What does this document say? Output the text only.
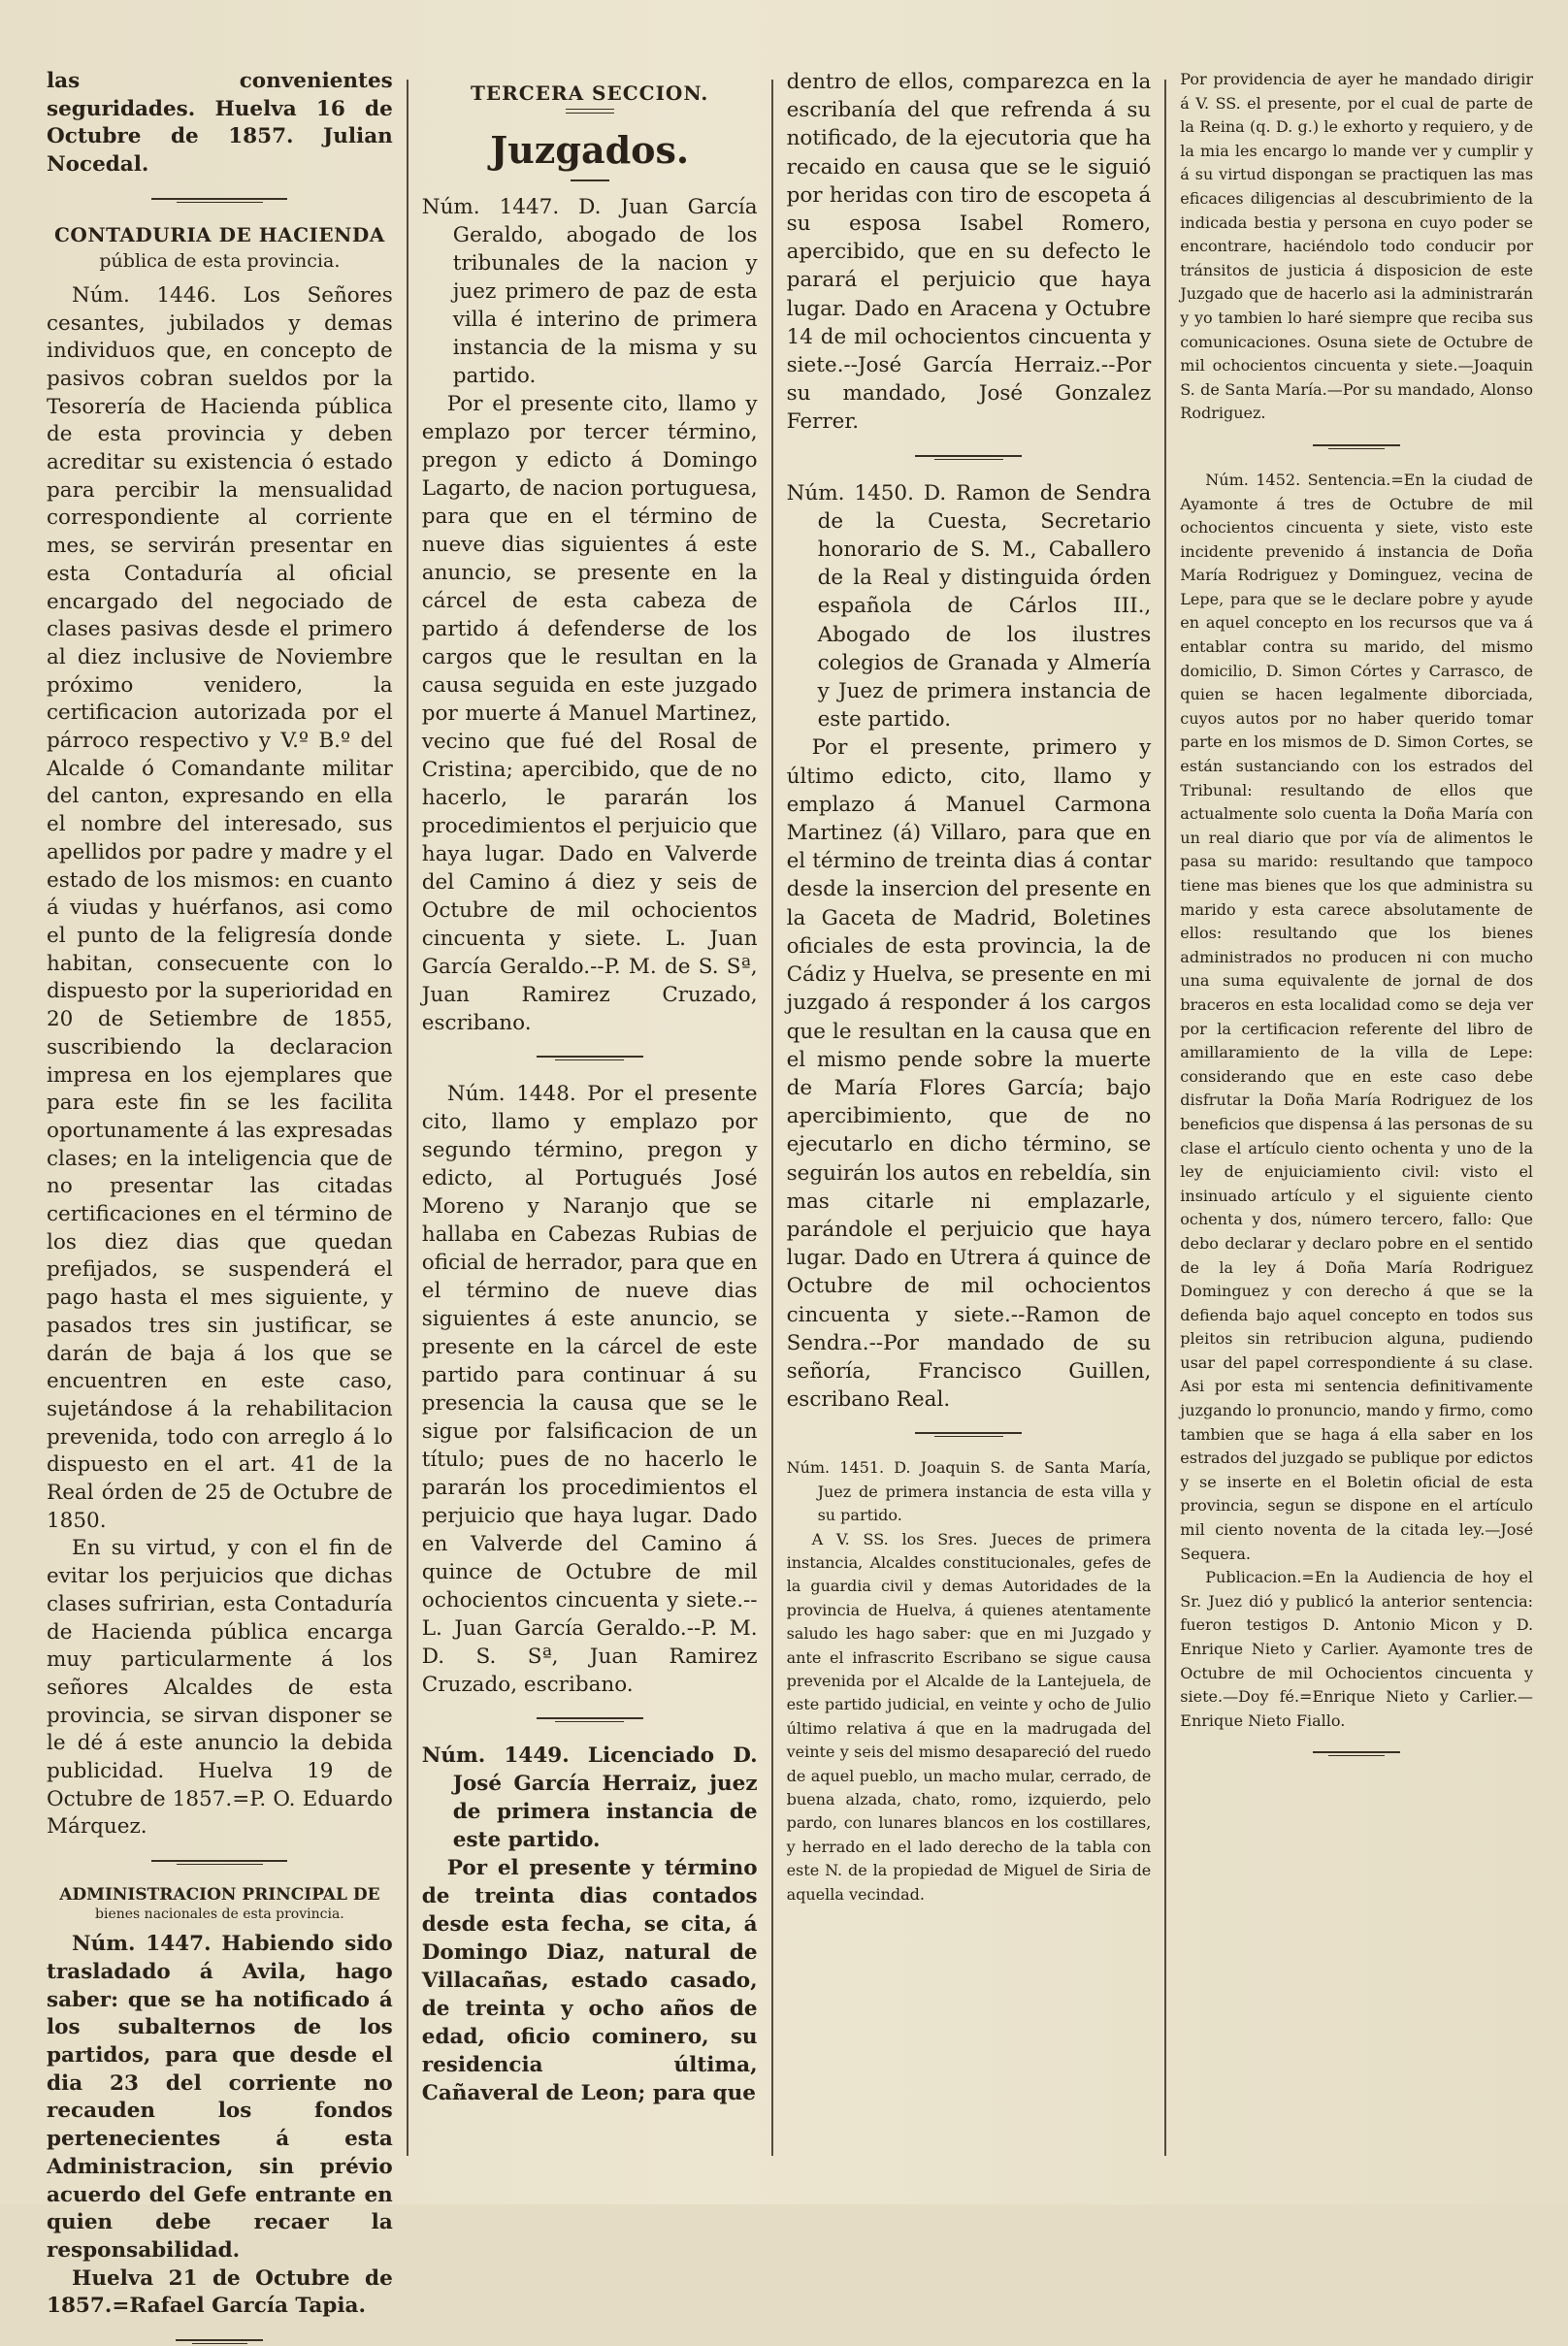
las convenientes seguridades. Huelva 16 de Octubre de 1857. Julian Nocedal.

CONTADURIA DE HACIENDA
pública de esta provincia.

Núm. 1446. Los Señores cesantes, jubilados y demas individuos que, en concepto de pasivos cobran sueldos por la Tesorería de Hacienda pública de esta provincia y deben acreditar su existencia ó estado para percibir la mensualidad correspondiente al corriente mes, se servirán presentar en esta Contaduría al oficial encargado del negociado de clases pasivas desde el primero al diez inclusive de Noviembre próximo venidero, la certificacion autorizada por el párroco respectivo y V.º B.º del Alcalde ó Comandante militar del canton, expresando en ella el nombre del interesado, sus apellidos por padre y madre y el estado de los mismos: en cuanto á viudas y huérfanos, asi como el punto de la feligresía donde habitan, consecuente con lo dispuesto por la superioridad en 20 de Setiembre de 1855, suscribiendo la declaracion impresa en los ejemplares que para este fin se les facilita oportunamente á las expresadas clases; en la inteligencia que de no presentar las citadas certificaciones en el término de los diez dias que quedan prefijados, se suspenderá el pago hasta el mes siguiente, y pasados tres sin justificar, se darán de baja á los que se encuentren en este caso, sujetándose á la rehabilitacion prevenida, todo con arreglo á lo dispuesto en el art. 41 de la Real órden de 25 de Octubre de 1850.

En su virtud, y con el fin de evitar los perjuicios que dichas clases sufririan, esta Contaduría de Hacienda pública encarga muy particularmente á los señores Alcaldes de esta provincia, se sirvan disponer se le dé á este anuncio la debida publicidad. Huelva 19 de Octubre de 1857.=P. O. Eduardo Márquez.

ADMINISTRACION PRINCIPAL DE
bienes nacionales de esta provincia.

Núm. 1447. Habiendo sido trasladado á Avila, hago saber: que se ha notificado á los subalternos de los partidos, para que desde el dia 23 del corriente no recauden los fondos pertenecientes á esta Administracion, sin prévio acuerdo del Gefe entrante en quien debe recaer la responsabilidad.

Huelva 21 de Octubre de 1857.=Rafael García Tapia.

TERCERA SECCION.
Juzgados.

Núm. 1447. D. Juan García Geraldo, abogado de los tribunales de la nacion y juez primero de paz de esta villa é interino de primera instancia de la misma y su partido.

Por el presente cito, llamo y emplazo por tercer término, pregon y edicto á Domingo Lagarto, de nacion portuguesa, para que en el término de nueve dias siguientes á este anuncio, se presente en la cárcel de esta cabeza de partido á defenderse de los cargos que le resultan en la causa seguida en este juzgado por muerte á Manuel Martinez, vecino que fué del Rosal de Cristina; apercibido, que de no hacerlo, le pararán los procedimientos el perjuicio que haya lugar. Dado en Valverde del Camino á diez y seis de Octubre de mil ochocientos cincuenta y siete. L. Juan García Geraldo.--P. M. de S. Sª, Juan Ramirez Cruzado, escribano.

Núm. 1448. Por el presente cito, llamo y emplazo por segundo término, pregon y edicto, al Portugués José Moreno y Naranjo que se hallaba en Cabezas Rubias de oficial de herrador, para que en el término de nueve dias siguientes á este anuncio, se presente en la cárcel de este partido para continuar á su presencia la causa que se le sigue por falsificacion de un título; pues de no hacerlo le pararán los procedimientos el perjuicio que haya lugar. Dado en Valverde del Camino á quince de Octubre de mil ochocientos cincuenta y siete.--L. Juan García Geraldo.--P. M. D. S. Sª, Juan Ramirez Cruzado, escribano.

Núm. 1449. Licenciado D. José García Herraiz, juez de primera instancia de este partido.

Por el presente y término de treinta dias contados desde esta fecha, se cita, á Domingo Diaz, natural de Villacañas, estado casado, de treinta y ocho años de edad, oficio cominero, su residencia última, Cañaveral de Leon; para que

dentro de ellos, comparezca en la escribanía del que refrenda á su notificado, de la ejecutoria que ha recaido en causa que se le siguió por heridas con tiro de escopeta á su esposa Isabel Romero, apercibido, que en su defecto le parará el perjuicio que haya lugar. Dado en Aracena y Octubre 14 de mil ochocientos cincuenta y siete.--José García Herraiz.--Por su mandado, José Gonzalez Ferrer.

Núm. 1450. D. Ramon de Sendra de la Cuesta, Secretario honorario de S. M., Caballero de la Real y distinguida órden española de Cárlos III., Abogado de los ilustres colegios de Granada y Almería y Juez de primera instancia de este partido.

Por el presente, primero y último edicto, cito, llamo y emplazo á Manuel Carmona Martinez (á) Villaro, para que en el término de treinta dias á contar desde la insercion del presente en la Gaceta de Madrid, Boletines oficiales de esta provincia, la de Cádiz y Huelva, se presente en mi juzgado á responder á los cargos que le resultan en la causa que en el mismo pende sobre la muerte de María Flores García; bajo apercibimiento, que de no ejecutarlo en dicho término, se seguirán los autos en rebeldía, sin mas citarle ni emplazarle, parándole el perjuicio que haya lugar. Dado en Utrera á quince de Octubre de mil ochocientos cincuenta y siete.--Ramon de Sendra.--Por mandado de su señoría, Francisco Guillen, escribano Real.

Núm. 1451. D. Joaquin S. de Santa María, Juez de primera instancia de esta villa y su partido.

A V. SS. los Sres. Jueces de primera instancia, Alcaldes constitucionales, gefes de la guardia civil y demas Autoridades de la provincia de Huelva, á quienes atentamente saludo les hago saber: que en mi Juzgado y ante el infrascrito Escribano se sigue causa prevenida por el Alcalde de la Lantejuela, de este partido judicial, en veinte y ocho de Julio último relativa á que en la madrugada del veinte y seis del mismo desapareció del ruedo de aquel pueblo, un macho mular, cerrado, de buena alzada, chato, romo, izquierdo, pelo pardo, con lunares blancos en los costillares, y herrado en el lado derecho de la tabla con este N. de la propiedad de Miguel de Siria de aquella vecindad.

Por providencia de ayer he mandado dirigir á V. SS. el presente, por el cual de parte de la Reina (q. D. g.) le exhorto y requiero, y de la mia les encargo lo mande ver y cumplir y á su virtud dispongan se practiquen las mas eficaces diligencias al descubrimiento de la indicada bestia y persona en cuyo poder se encontrare, haciéndolo todo conducir por tránsitos de justicia á disposicion de este Juzgado que de hacerlo asi la administrarán y yo tambien lo haré siempre que reciba sus comunicaciones. Osuna siete de Octubre de mil ochocientos cincuenta y siete.—Joaquin S. de Santa María.—Por su mandado, Alonso Rodriguez.

Núm. 1452. Sentencia.=En la ciudad de Ayamonte á tres de Octubre de mil ochocientos cincuenta y siete, visto este incidente prevenido á instancia de Doña María Rodriguez y Dominguez, vecina de Lepe, para que se le declare pobre y ayude en aquel concepto en los recursos que va á entablar contra su marido, del mismo domicilio, D. Simon Córtes y Carrasco, de quien se hacen legalmente diborciada, cuyos autos por no haber querido tomar parte en los mismos de D. Simon Cortes, se están sustanciando con los estrados del Tribunal: resultando de ellos que actualmente solo cuenta la Doña María con un real diario que por vía de alimentos le pasa su marido: resultando que tampoco tiene mas bienes que los que administra su marido y esta carece absolutamente de ellos: resultando que los bienes administrados no producen ni con mucho una suma equivalente de jornal de dos braceros en esta localidad como se deja ver por la certificacion referente del libro de amillaramiento de la villa de Lepe: considerando que en este caso debe disfrutar la Doña María Rodriguez de los beneficios que dispensa á las personas de su clase el artículo ciento ochenta y uno de la ley de enjuiciamiento civil: visto el insinuado artículo y el siguiente ciento ochenta y dos, número tercero, fallo: Que debo declarar y declaro pobre en el sentido de la ley á Doña María Rodriguez Dominguez y con derecho á que se la defienda bajo aquel concepto en todos sus pleitos sin retribucion alguna, pudiendo usar del papel correspondiente á su clase. Asi por esta mi sentencia definitivamente juzgando lo pronuncio, mando y firmo, como tambien que se haga á ella saber en los estrados del juzgado se publique por edictos y se inserte en el Boletin oficial de esta provincia, segun se dispone en el artículo mil ciento noventa de la citada ley.—José Sequera.

Publicacion.=En la Audiencia de hoy el Sr. Juez dió y publicó la anterior sentencia: fueron testigos D. Antonio Micon y D. Enrique Nieto y Carlier. Ayamonte tres de Octubre de mil Ochocientos cincuenta y siete.—Doy fé.=Enrique Nieto y Carlier.—Enrique Nieto Fiallo.
